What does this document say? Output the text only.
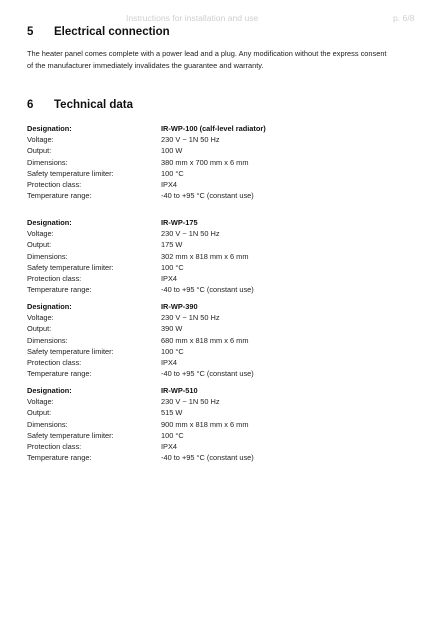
Instructions for installation and use	p. 6/8
5 Electrical connection
The heater panel comes complete with a power lead and a plug. Any modification without the express consent
of the manufacturer immediately invalidates the guarantee and warranty.
6 Technical data
Designation:	IR-WP-100 (calf-level radiator)
Voltage:	230 V ~ 1N 50 Hz
Output:	100 W
Dimensions:	380 mm x 700 mm x 6 mm
Safety temperature limiter:	100 °C
Protection class:	IPX4
Temperature range:	-40 to +95 °C (constant use)
Designation:	IR-WP-175
Voltage:	230 V ~ 1N 50 Hz
Output:	175 W
Dimensions:	302 mm x 818 mm x 6 mm
Safety temperature limiter:	100 °C
Protection class:	IPX4
Temperature range:	-40 to +95 °C (constant use)
Designation:	IR-WP-390
Voltage:	230 V ~ 1N 50 Hz
Output:	390 W
Dimensions:	680 mm x 818 mm x 6 mm
Safety temperature limiter:	100 °C
Protection class:	IPX4
Temperature range:	-40 to +95 °C (constant use)
Designation:	IR-WP-510
Voltage:	230 V ~ 1N 50 Hz
Output:	515 W
Dimensions:	900 mm x 818 mm x 6 mm
Safety temperature limiter:	100 °C
Protection class:	IPX4
Temperature range:	-40 to +95 °C (constant use)
